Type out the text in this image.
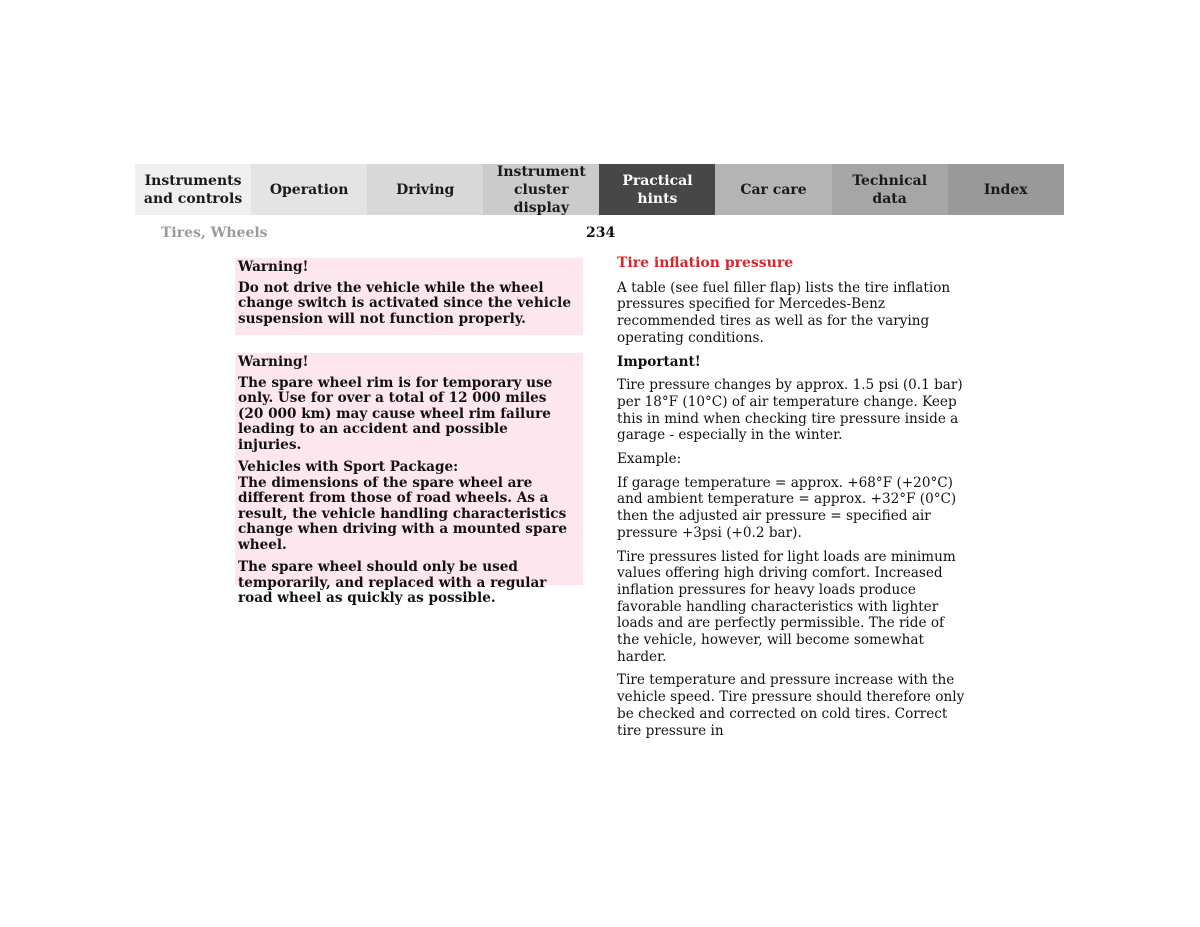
Instruments
and controls
Operation	Driving
Instrument
cluster display
Practical hints
Car care
Technical
data
Index
Tires, Wheels	234

Warning!

Do not drive the vehicle while the wheel change switch is activated since the vehicle suspension will not function properly.

Warning!

The spare wheel rim is for temporary use only. Use for over a total of 12 000 miles (20 000 km) may cause wheel rim failure leading to an accident and possible injuries.

Vehicles with Sport Package:
The dimensions of the spare wheel are different from those of road wheels. As a result, the vehicle handling characteristics change when driving with a mounted spare wheel.

The spare wheel should only be used temporarily, and replaced with a regular road wheel as quickly as possible.

Tire inflation pressure

A table (see fuel filler flap) lists the tire inflation pressures specified for Mercedes-Benz recommended tires as well as for the varying operating conditions.

Important!

Tire pressure changes by approx. 1.5 psi (0.1 bar) per 18°F (10°C) of air temperature change. Keep this in mind when checking tire pressure inside a garage - especially in the winter.

Example:

If garage temperature = approx. +68°F (+20°C) and ambient temperature = approx. +32°F (0°C) then the adjusted air pressure = specified air pressure +3psi (+0.2 bar).

Tire pressures listed for light loads are minimum values offering high driving comfort. Increased inflation pressures for heavy loads produce favorable handling characteristics with lighter loads and are perfectly permissible. The ride of the vehicle, however, will become somewhat harder.

Tire temperature and pressure increase with the vehicle speed. Tire pressure should therefore only be checked and corrected on cold tires. Correct tire pressure in
